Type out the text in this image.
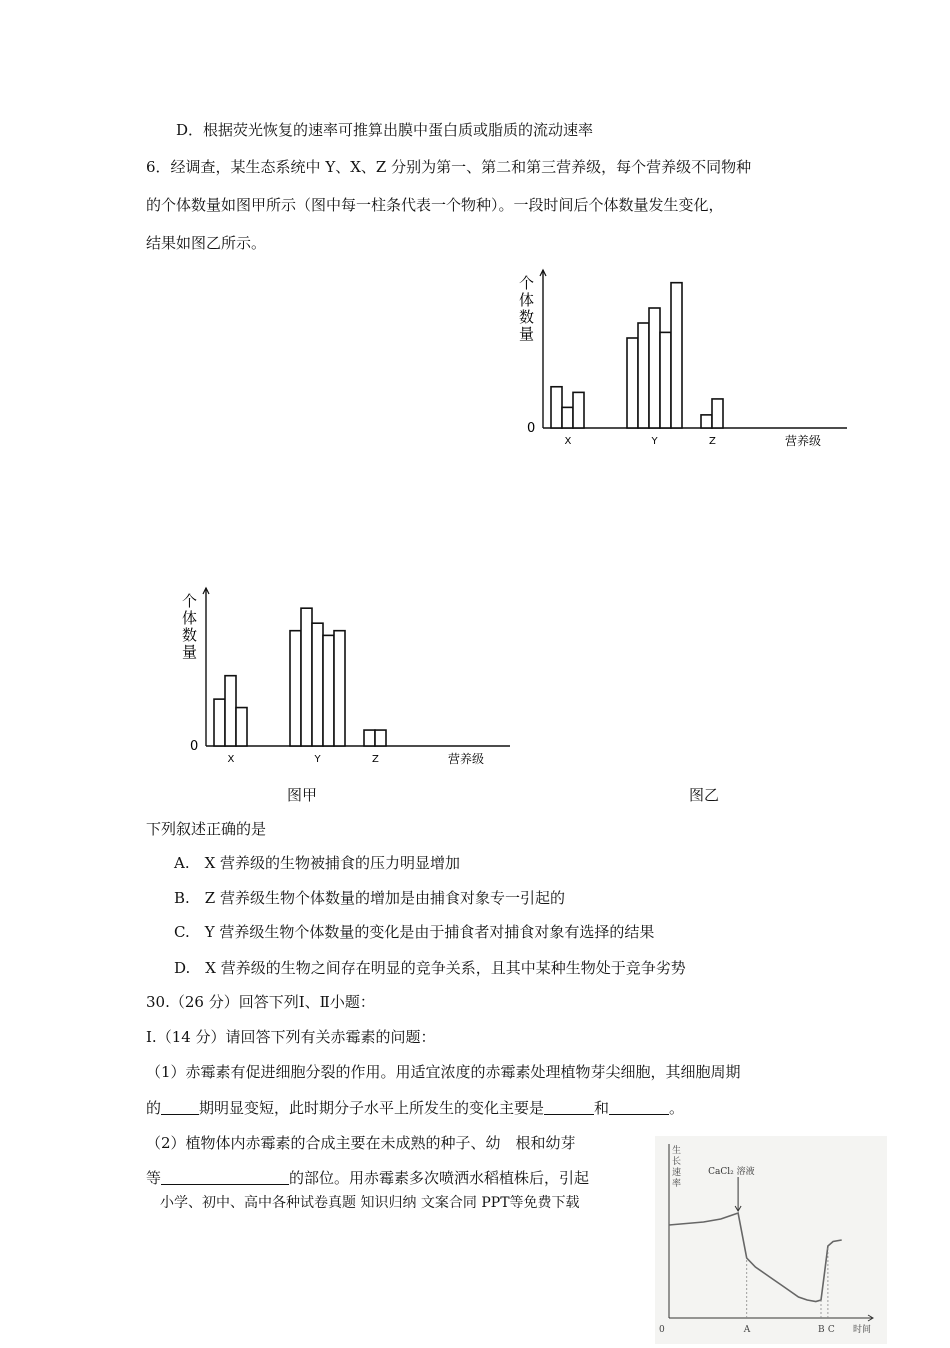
D．根据荧光恢复的速率可推算出膜中蛋白质或脂质的流动速率
6．经调查，某生态系统中 Y、X、Z 分别为第一、第二和第三营养级，每个营养级不同物种
的个体数量如图甲所示（图中每一柱条代表一个物种）。一段时间后个体数量发生变化，
结果如图乙所示。
0
个
体
数
量
X	Y	Z	营养级
0
个
体
数
量
X	Y	Z	营养级
图甲	图乙
下列叙述正确的是
A.　X 营养级的生物被捕食的压力明显增加
B.　Z 营养级生物个体数量的增加是由捕食对象专一引起的
C.　Y 营养级生物个体数量的变化是由于捕食者对捕食对象有选择的结果
D.　X 营养级的生物之间存在明显的竞争关系，且其中某种生物处于竞争劣势
30.（26 分）回答下列Ⅰ、Ⅱ小题：
Ⅰ.（14 分）请回答下列有关赤霉素的问题：
（1）赤霉素有促进细胞分裂的作用。用适宜浓度的赤霉素处理植物芽尖细胞，其细胞周期
的	期明显变短，此时期分子水平上所发生的变化主要是	和	。
（2）植物体内赤霉素的合成主要在未成熟的种子、幼　根和幼芽
等	的部位。用赤霉素多次喷洒水稻植株后，引起
小学、初中、高中各种试卷真题 知识归纳 文案合同 PPT等免费下载
生
长
速
率
CaCl₂ 溶液
0	A	B C 时间
